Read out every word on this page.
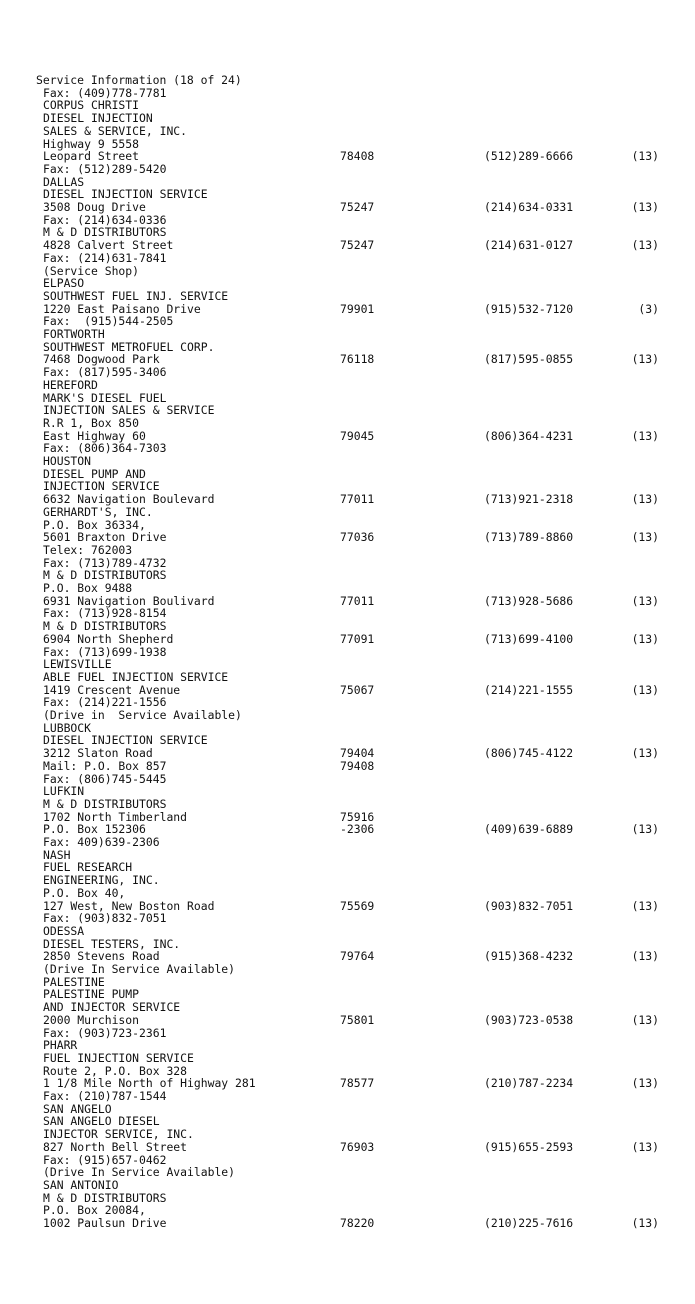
Service Information (18 of 24)
Fax: (409)778-7781
CORPUS CHRISTI
DIESEL INJECTION
SALES & SERVICE, INC.
Highway 9 5558
Leopard Street	78408	(512)289-6666	(13)
Fax: (512)289-5420
DALLAS
DIESEL INJECTION SERVICE
3508 Doug Drive	75247	(214)634-0331	(13)
Fax: (214)634-0336
M & D DISTRIBUTORS
4828 Calvert Street	75247	(214)631-0127	(13)
Fax: (214)631-7841
(Service Shop)
ELPASO
SOUTHWEST FUEL INJ. SERVICE
1220 East Paisano Drive	79901	(915)532-7120	(3)
Fax:  (915)544-2505
FORTWORTH
SOUTHWEST METROFUEL CORP.
7468 Dogwood Park	76118	(817)595-0855	(13)
Fax: (817)595-3406
HEREFORD
MARK'S DIESEL FUEL
INJECTION SALES & SERVICE
R.R 1, Box 850
East Highway 60	79045	(806)364-4231	(13)
Fax: (806)364-7303
HOUSTON
DIESEL PUMP AND
INJECTION SERVICE
6632 Navigation Boulevard	77011	(713)921-2318	(13)
GERHARDT'S, INC.
P.O. Box 36334,
5601 Braxton Drive	77036	(713)789-8860	(13)
Telex: 762003
Fax: (713)789-4732
M & D DISTRIBUTORS
P.O. Box 9488
6931 Navigation Boulivard	77011	(713)928-5686	(13)
Fax: (713)928-8154
M & D DISTRIBUTORS
6904 North Shepherd	77091	(713)699-4100	(13)
Fax: (713)699-1938
LEWISVILLE
ABLE FUEL INJECTION SERVICE
1419 Crescent Avenue	75067	(214)221-1555	(13)
Fax: (214)221-1556
(Drive in  Service Available)
LUBBOCK
DIESEL INJECTION SERVICE
3212 Slaton Road	79404	(806)745-4122	(13)
Mail: P.O. Box 857	79408
Fax: (806)745-5445
LUFKIN
M & D DISTRIBUTORS
1702 North Timberland	75916
P.O. Box 152306	-2306	(409)639-6889	(13)
Fax: 409)639-2306
NASH
FUEL RESEARCH
ENGINEERING, INC.
P.O. Box 40,
127 West, New Boston Road	75569	(903)832-7051	(13)
Fax: (903)832-7051
ODESSA
DIESEL TESTERS, INC.
2850 Stevens Road	79764	(915)368-4232	(13)
(Drive In Service Available)
PALESTINE
PALESTINE PUMP
AND INJECTOR SERVICE
2000 Murchison	75801	(903)723-0538	(13)
Fax: (903)723-2361
PHARR
FUEL INJECTION SERVICE
Route 2, P.O. Box 328
1 1/8 Mile North of Highway 281	78577	(210)787-2234	(13)
Fax: (210)787-1544
SAN ANGELO
SAN ANGELO DIESEL
INJECTOR SERVICE, INC.
827 North Bell Street	76903	(915)655-2593	(13)
Fax: (915)657-0462
(Drive In Service Available)
SAN ANTONIO
M & D DISTRIBUTORS
P.O. Box 20084,
1002 Paulsun Drive	78220	(210)225-7616	(13)
